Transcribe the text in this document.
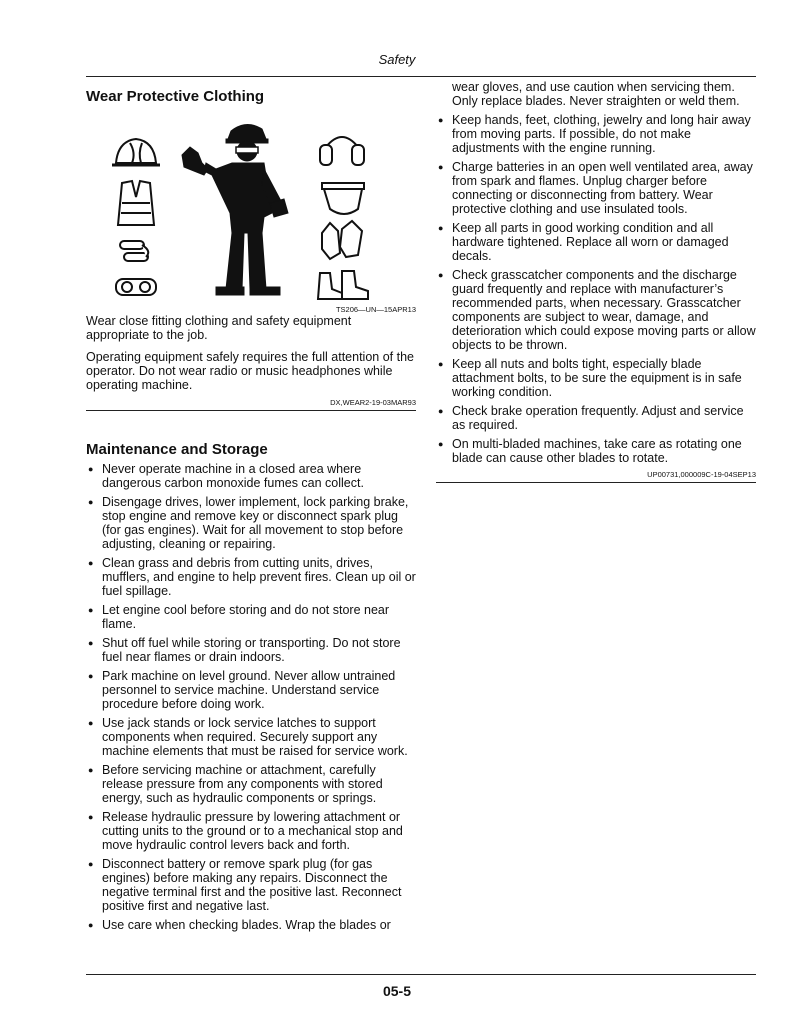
Safety
Wear Protective Clothing
TS206—UN—15APR13

Wear close fitting clothing and safety equipment appropriate to the job.

Operating equipment safely requires the full attention of the operator. Do not wear radio or music headphones while operating machine.

DX,WEAR2-19-03MAR93
Maintenance and Storage
● Never operate machine in a closed area where dangerous carbon monoxide fumes can collect.
● Disengage drives, lower implement, lock parking brake, stop engine and remove key or disconnect spark plug (for gas engines). Wait for all movement to stop before adjusting, cleaning or repairing.
● Clean grass and debris from cutting units, drives, mufflers, and engine to help prevent fires. Clean up oil or fuel spillage.
● Let engine cool before storing and do not store near flame.
● Shut off fuel while storing or transporting. Do not store fuel near flames or drain indoors.
● Park machine on level ground. Never allow untrained personnel to service machine. Understand service procedure before doing work.
● Use jack stands or lock service latches to support components when required. Securely support any machine elements that must be raised for service work.
● Before servicing machine or attachment, carefully release pressure from any components with stored energy, such as hydraulic components or springs.
● Release hydraulic pressure by lowering attachment or cutting units to the ground or to a mechanical stop and move hydraulic control levers back and forth.
● Disconnect battery or remove spark plug (for gas engines) before making any repairs. Disconnect the negative terminal first and the positive last. Reconnect positive first and negative last.
● Use care when checking blades. Wrap the blades or

wear gloves, and use caution when servicing them. Only replace blades. Never straighten or weld them.

● Keep hands, feet, clothing, jewelry and long hair away from moving parts. If possible, do not make adjustments with the engine running.
● Charge batteries in an open well ventilated area, away from spark and flames. Unplug charger before connecting or disconnecting from battery. Wear protective clothing and use insulated tools.
● Keep all parts in good working condition and all hardware tightened. Replace all worn or damaged decals.
● Check grasscatcher components and the discharge guard frequently and replace with manufacturer’s recommended parts, when necessary. Grasscatcher components are subject to wear, damage, and deterioration which could expose moving parts or allow objects to be thrown.
● Keep all nuts and bolts tight, especially blade attachment bolts, to be sure the equipment is in safe working condition.
● Check brake operation frequently. Adjust and service as required.
● On multi-bladed machines, take care as rotating one blade can cause other blades to rotate.
UP00731,000009C-19-04SEP13
05-5
